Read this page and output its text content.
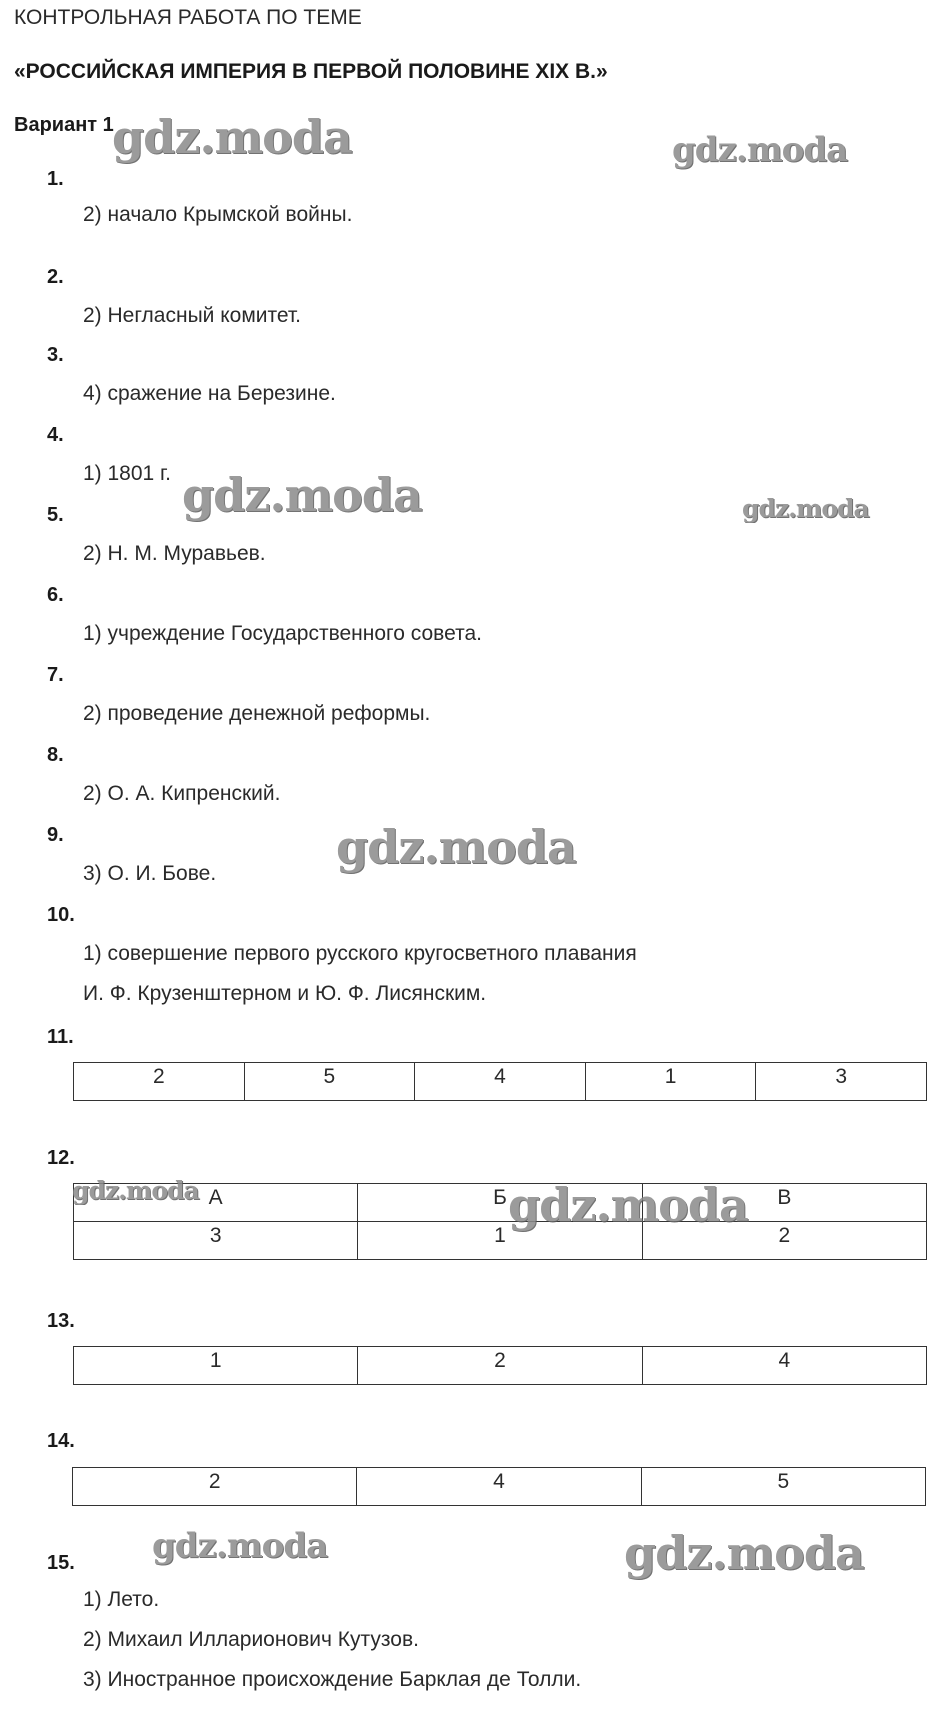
КОНТРОЛЬНАЯ РАБОТА ПО ТЕМЕ
«РОССИЙСКАЯ ИМПЕРИЯ В ПЕРВОЙ ПОЛОВИНЕ XIX В.»
Вариант 1
1.
2) начало Крымской войны.
2.
2) Негласный комитет.
3.
4) сражение на Березине.
4.
1) 1801 г.
5.
2) Н. М. Муравьев.
6.
1) учреждение Государственного совета.
7.
2) проведение денежной реформы.
8.
2) О. А. Кипренский.
9.
3) О. И. Бове.
10.
1) совершение первого русского кругосветного плавания
И. Ф. Крузенштерном и Ю. Ф. Лисянским.
11.
2	5	4	1	3
12.
А	Б	В
3	1	2
13.
1	2	4
14.
2	4	5
15.
1) Лето.
2) Михаил Илларионович Кутузов.
3) Иностранное происхождение Барклая де Толли.
gdz.moda	gdz.moda
gdz.moda	gdz.moda
gdz.moda
gdz.moda	gdz.moda
gdz.moda	gdz.moda
